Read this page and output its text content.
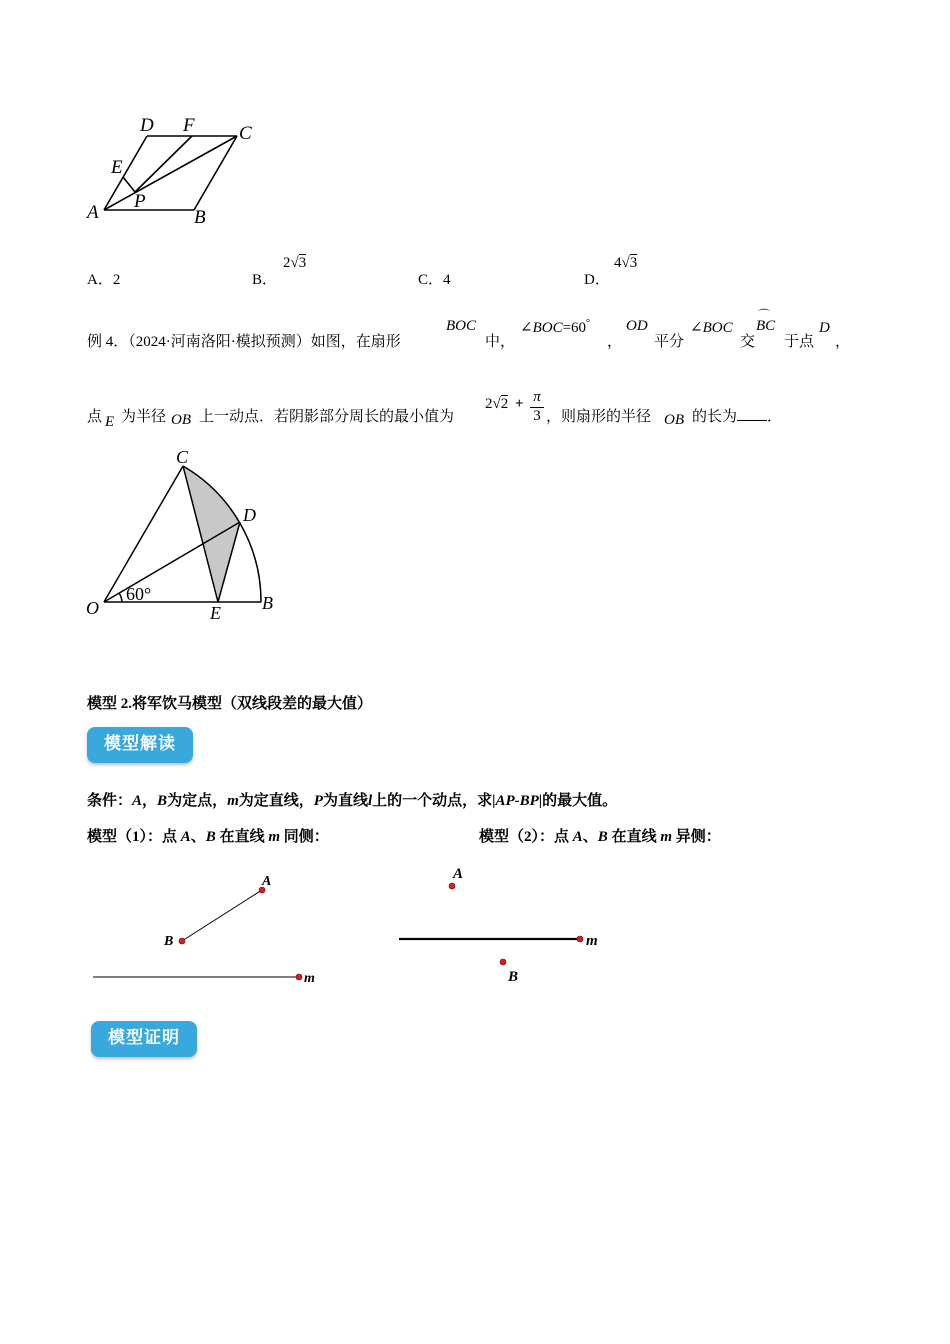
D F C
E
P
A	B
A．2	B．
2√3
C．4	D．
4√3
例 4．（2024·河南洛阳·模拟预测）如图，在扇形
BOC
中，
∠BOC=60°
，
OD
平分
∠BOC
交
⌒
BC
于点
D
，
点 E 为半径 OB 上一动点．若阴影部分周长的最小值为
$2√2 + \frac{\pi}{3}$ ，则扇形的半径 OB 的长为 ．
C
D
O	E B
60°
模型 2.将军饮马模型（双线段差的最大值）
模型解读
条件：A，B为定点，m为定直线，P为直线l上的一个动点，求|AP-BP|的最大值。
模型（1）：点 A、B 在直线 m 同侧：	模型（2）：点 A、B 在直线 m 异侧：
A
B
m
A
B
m
模型证明
